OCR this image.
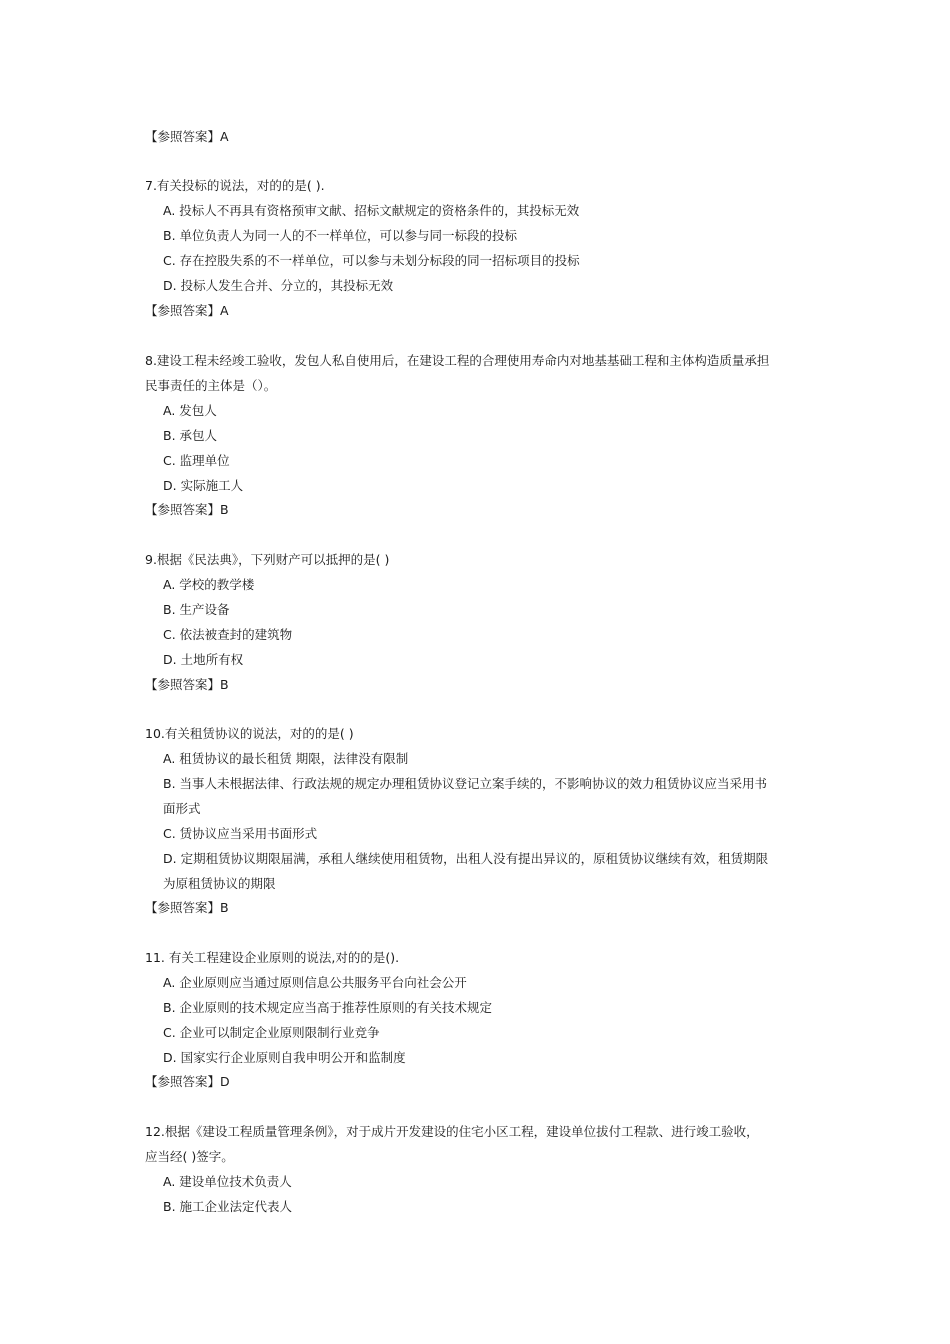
【参照答案】A
7.有关投标的说法，对的的是( ).
A. 投标人不再具有资格预审文献、招标文献规定的资格条件的，其投标无效
B. 单位负责人为同一人的不一样单位，可以参与同一标段的投标
C. 存在控股失系的不一样单位，可以参与未划分标段的同一招标项目的投标
D. 投标人发生合并、分立的，其投标无效
【参照答案】A
8.建设工程未经竣工验收，发包人私自使用后，在建设工程的合理使用寿命内对地基基础工程和主体构造质量承担
民事责任的主体是（）。
A. 发包人
B. 承包人
C. 监理单位
D. 实际施工人
【参照答案】B
9.根据《民法典》，下列财产可以抵押的是( )
A. 学校的教学楼
B. 生产设备
C. 依法被查封的建筑物
D. 土地所有权
【参照答案】B
10.有关租赁协议的说法，对的的是( )
A. 租赁协议的最长租赁 期限，法律没有限制
B. 当事人未根据法律、行政法规的规定办理租赁协议登记立案手续的，不影响协议的效力租赁协议应当采用书
面形式
C. 赁协议应当采用书面形式
D. 定期租赁协议期限届满，承租人继续使用租赁物，出租人没有提出异议的，原租赁协议继续有效，租赁期限
为原租赁协议的期限
【参照答案】B
11. 有关工程建设企业原则的说法,对的的是().
A. 企业原则应当通过原则信息公共服务平台向社会公开
B. 企业原则的技术规定应当高于推荐性原则的有关技术规定
C. 企业可以制定企业原则限制行业竞争
D. 国家实行企业原则自我申明公开和监制度
【参照答案】D
12.根据《建设工程质量管理条例》，对于成片开发建设的住宅小区工程，建设单位拔付工程款、进行竣工验收，
应当经( )签字。
A. 建设单位技术负责人
B. 施工企业法定代表人
